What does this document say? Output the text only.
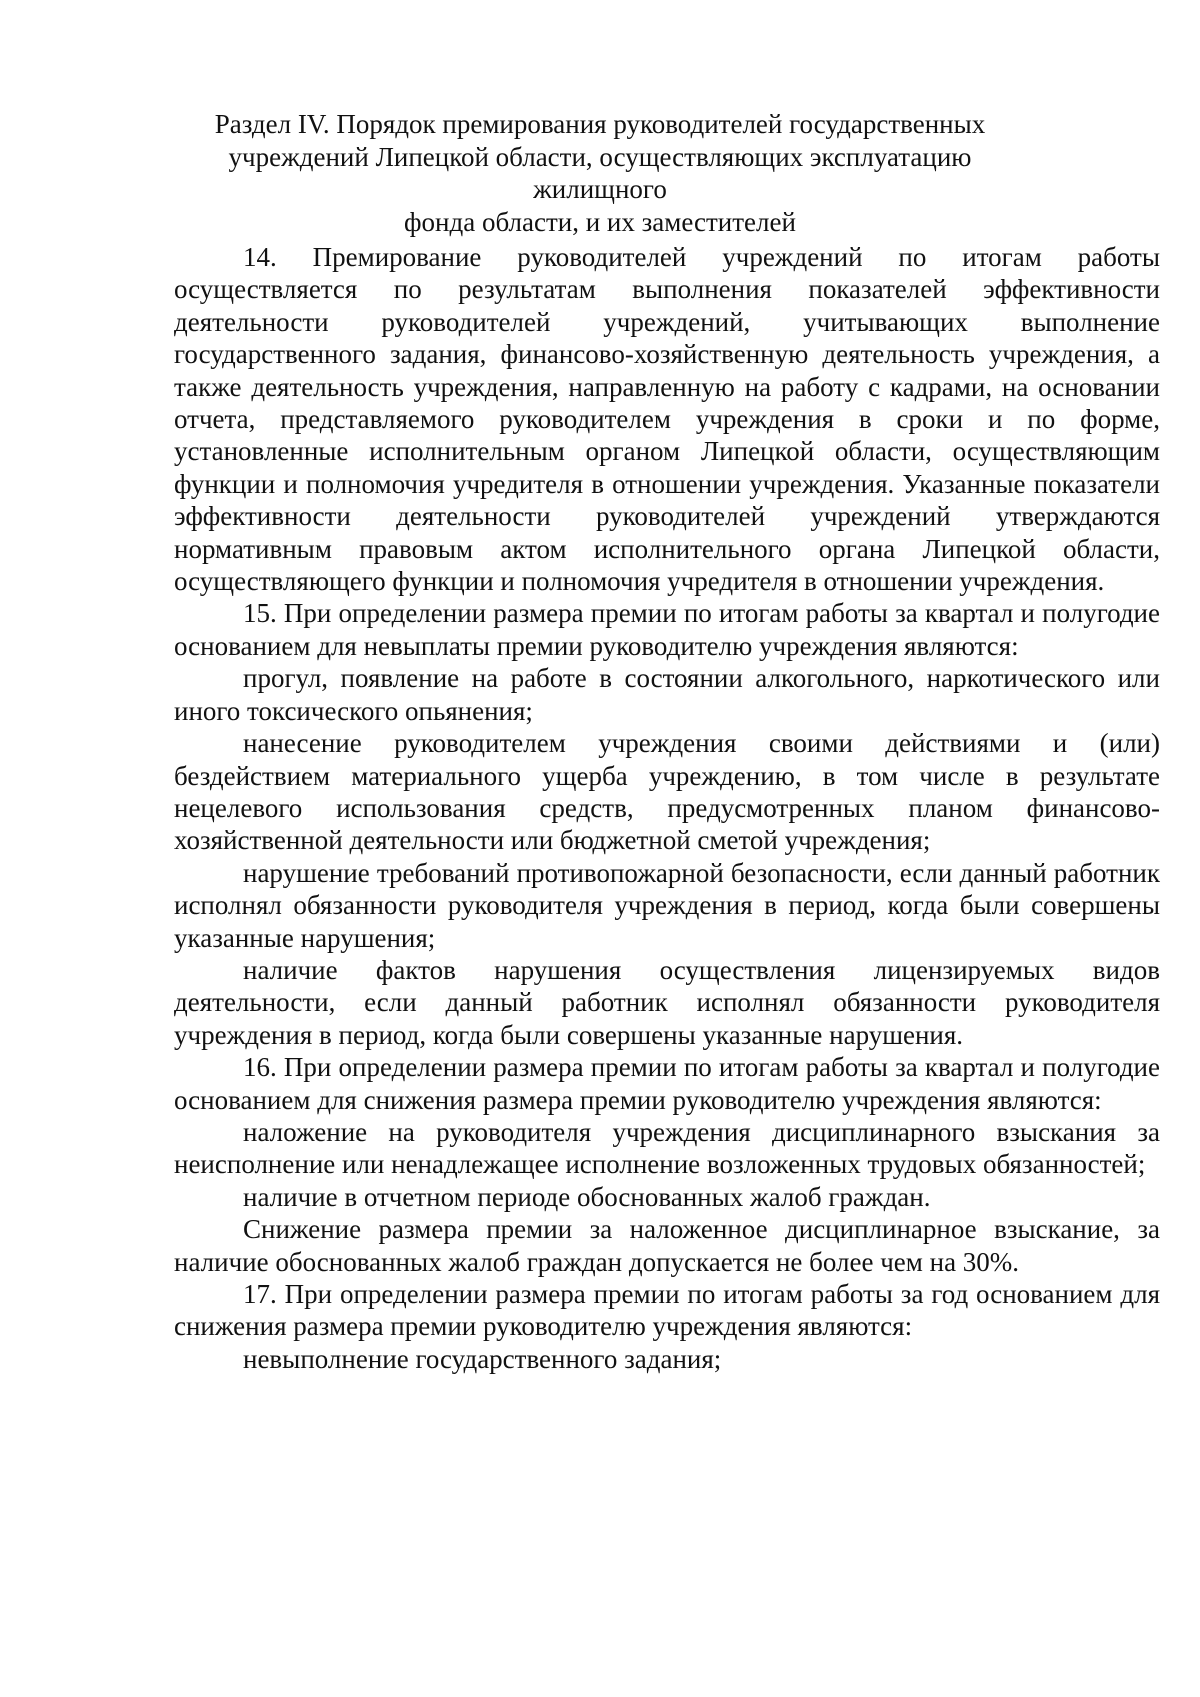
Раздел IV. Порядок премирования руководителей государственных
учреждений Липецкой области, осуществляющих эксплуатацию жилищного
фонда области, и их заместителей

14. Премирование руководителей учреждений по итогам работы осуществляется по результатам выполнения показателей эффективности деятельности руководителей учреждений, учитывающих выполнение государственного задания, финансово-хозяйственную деятельность учреждения, а также деятельность учреждения, направленную на работу с кадрами, на основании отчета, представляемого руководителем учреждения в сроки и по форме, установленные исполнительным органом Липецкой области, осуществляющим функции и полномочия учредителя в отношении учреждения. Указанные показатели эффективности деятельности руководителей учреждений утверждаются нормативным правовым актом исполнительного органа Липецкой области, осуществляющего функции и полномочия учредителя в отношении учреждения.

15. При определении размера премии по итогам работы за квартал и полугодие основанием для невыплаты премии руководителю учреждения являются:

прогул, появление на работе в состоянии алкогольного, наркотического или иного токсического опьянения;

нанесение руководителем учреждения своими действиями и (или) бездействием материального ущерба учреждению, в том числе в результате нецелевого использования средств, предусмотренных планом финансово-хозяйственной деятельности или бюджетной сметой учреждения;

нарушение требований противопожарной безопасности, если данный работник исполнял обязанности руководителя учреждения в период, когда были совершены указанные нарушения;

наличие фактов нарушения осуществления лицензируемых видов деятельности, если данный работник исполнял обязанности руководителя учреждения в период, когда были совершены указанные нарушения.

16. При определении размера премии по итогам работы за квартал и полугодие основанием для снижения размера премии руководителю учреждения являются:

наложение на руководителя учреждения дисциплинарного взыскания за неисполнение или ненадлежащее исполнение возложенных трудовых обязанностей;

наличие в отчетном периоде обоснованных жалоб граждан.

Снижение размера премии за наложенное дисциплинарное взыскание, за наличие обоснованных жалоб граждан допускается не более чем на 30%.

17. При определении размера премии по итогам работы за год основанием для снижения размера премии руководителю учреждения являются:

невыполнение государственного задания;
